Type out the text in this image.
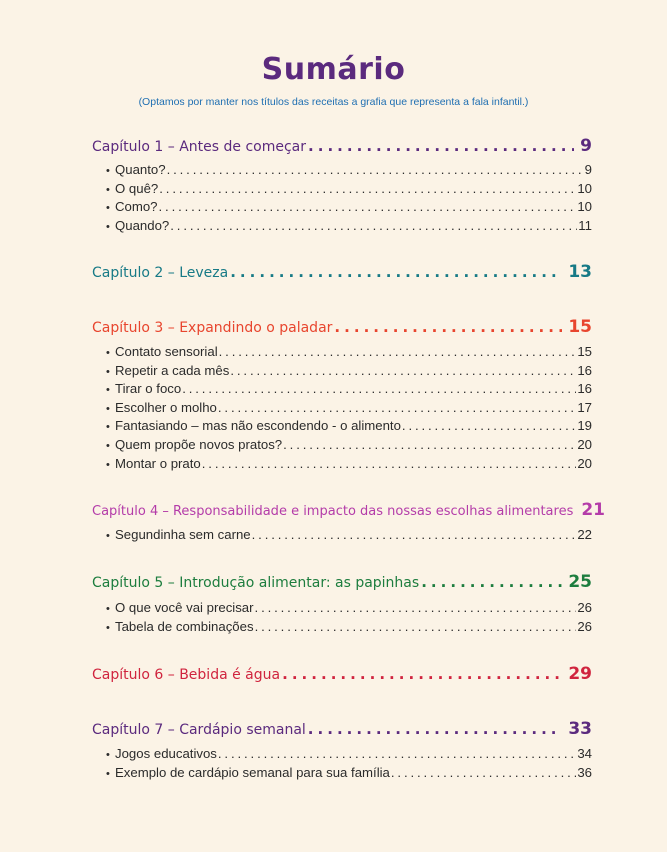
Sumário
(Optamos por manter nos títulos das receitas a grafia que representa a fala infantil.)
Capítulo 1 – Antes de começar . . .	9
• Quanto? . . .	9
• O quê? . . .	10
• Como? . . .	10
• Quando? . . .	11
Capítulo 2 – Leveza . . .	13
Capítulo 3 – Expandindo o paladar . . .	15
• Contato sensorial . . .	15
• Repetir a cada mês . . .	16
• Tirar o foco . . .	16
• Escolher o molho . . .	17
• Fantasiando – mas não escondendo - o alimento . . .	19
• Quem propõe novos pratos? . . .	20
• Montar o prato . . .	20
Capítulo 4 – Responsabilidade e impacto das nossas escolhas alimentares 21
• Segundinha sem carne . . .	22
Capítulo 5 – Introdução alimentar: as papinhas . . .	25
• O que você vai precisar . . .	26
• Tabela de combinações . . .	26
Capítulo 6 – Bebida é água . . .	29
Capítulo 7 – Cardápio semanal . . .	33
• Jogos educativos . . .	34
• Exemplo de cardápio semanal para sua família . . .	36
